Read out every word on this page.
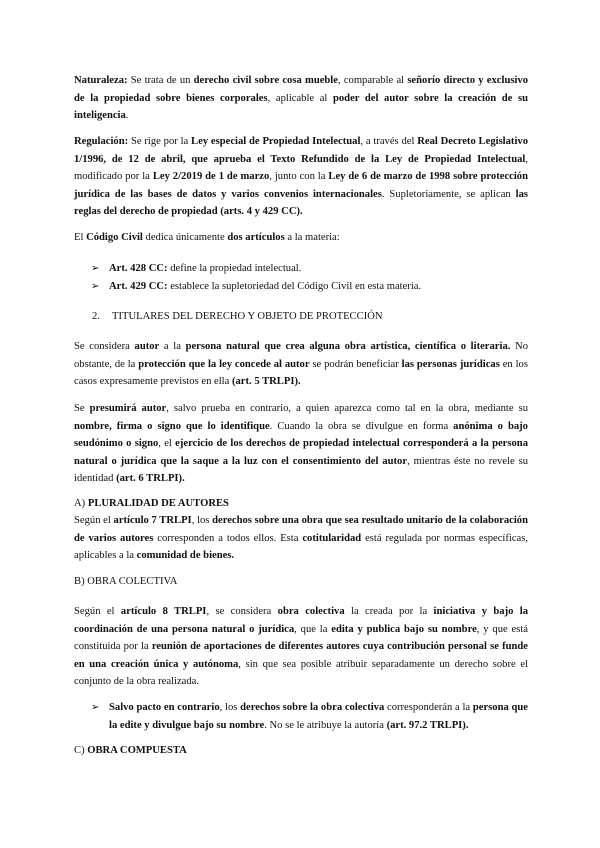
Naturaleza: Se trata de un derecho civil sobre cosa mueble, comparable al señorío directo y exclusivo de la propiedad sobre bienes corporales, aplicable al poder del autor sobre la creación de su inteligencia.

Regulación: Se rige por la Ley especial de Propiedad Intelectual, a través del Real Decreto Legislativo 1/1996, de 12 de abril, que aprueba el Texto Refundido de la Ley de Propiedad Intelectual, modificado por la Ley 2/2019 de 1 de marzo, junto con la Ley de 6 de marzo de 1998 sobre protección jurídica de las bases de datos y varios convenios internacionales. Supletoriamente, se aplican las reglas del derecho de propiedad (arts. 4 y 429 CC).

El Código Civil dedica únicamente dos artículos a la materia:

➢ Art. 428 CC: define la propiedad intelectual.
➢ Art. 429 CC: establece la supletoriedad del Código Civil en esta materia.
2. TITULARES DEL DERECHO Y OBJETO DE PROTECCIÓN

Se considera autor a la persona natural que crea alguna obra artística, científica o literaria. No obstante, de la protección que la ley concede al autor se podrán beneficiar las personas jurídicas en los casos expresamente previstos en ella (art. 5 TRLPI).

Se presumirá autor, salvo prueba en contrario, a quien aparezca como tal en la obra, mediante su nombre, firma o signo que lo identifique. Cuando la obra se divulgue en forma anónima o bajo seudónimo o signo, el ejercicio de los derechos de propiedad intelectual corresponderá a la persona natural o jurídica que la saque a la luz con el consentimiento del autor, mientras éste no revele su identidad (art. 6 TRLPI).

A) PLURALIDAD DE AUTORES

Según el artículo 7 TRLPI, los derechos sobre una obra que sea resultado unitario de la colaboración de varios autores corresponden a todos ellos. Esta cotitularidad está regulada por normas específicas, aplicables a la comunidad de bienes.

B) OBRA COLECTIVA

Según el artículo 8 TRLPI, se considera obra colectiva la creada por la iniciativa y bajo la coordinación de una persona natural o jurídica, que la edita y publica bajo su nombre, y que está constituida por la reunión de aportaciones de diferentes autores cuya contribución personal se funde en una creación única y autónoma, sin que sea posible atribuir separadamente un derecho sobre el conjunto de la obra realizada.

➢ Salvo pacto en contrario, los derechos sobre la obra colectiva corresponderán a la persona que la edite y divulgue bajo su nombre. No se le atribuye la autoría (art. 97.2 TRLPI).
C) OBRA COMPUESTA
